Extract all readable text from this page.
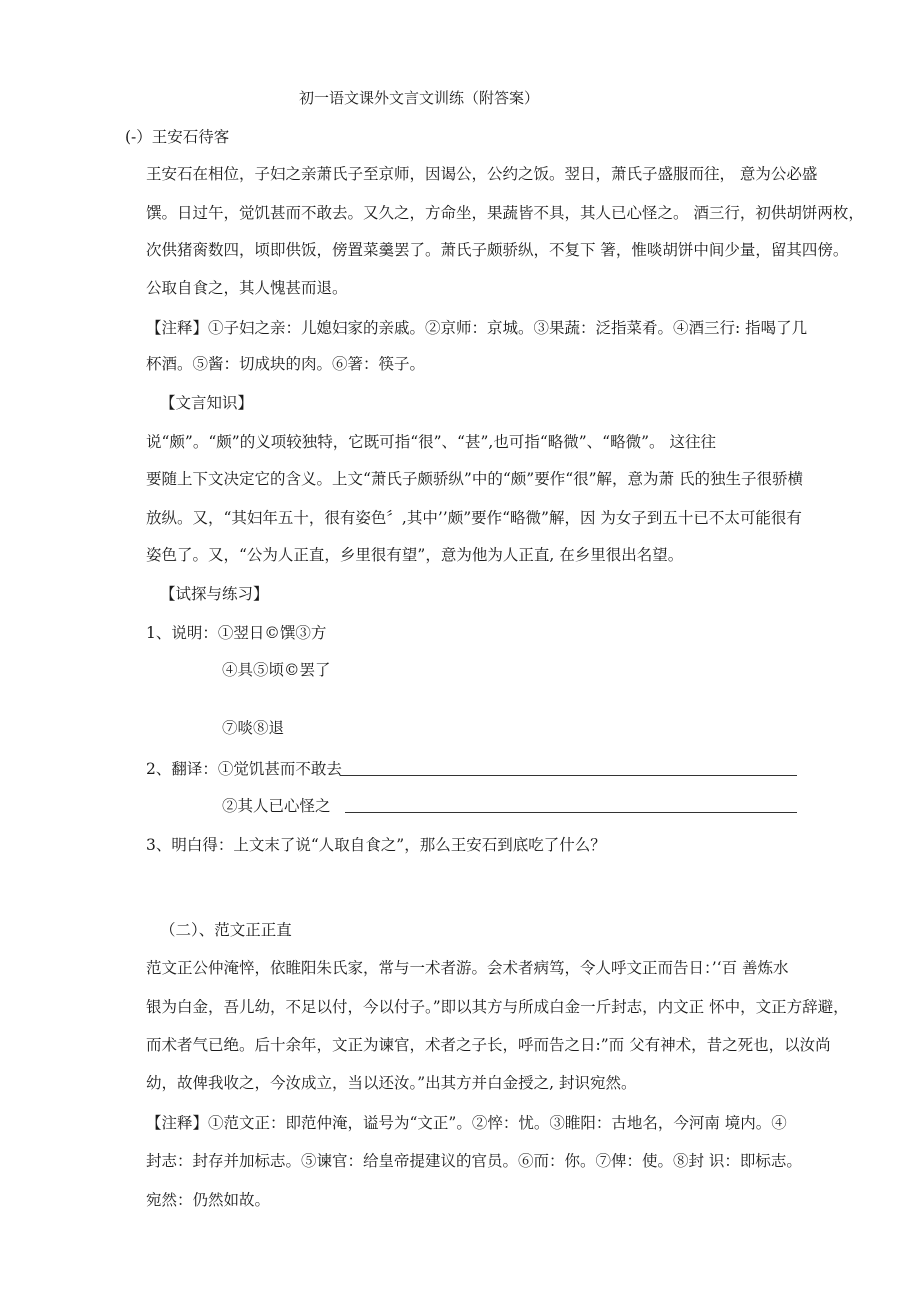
初一语文课外文言文训练（附答案）
(-）王安石待客
王安石在相位，子妇之亲萧氏子至京师，因谒公，公约之饭。翌日，萧氏子盛服而往， 意为公必盛
馔。日过午，觉饥甚而不敢去。又久之，方命坐，果蔬皆不具，其人已心怪之。 酒三行，初供胡饼两枚，
次供猪脔数四，顷即供饭，傍置菜羹罢了。萧氏子颇骄纵，不复下 箸，惟啖胡饼中间少量，留其四傍。
公取自食之，其人愧甚而退。
【注释】①子妇之亲：儿媳妇家的亲戚。②京师：京城。③果蔬：泛指菜肴。④酒三行: 指喝了几
杯酒。⑤酱：切成块的肉。⑥箸：筷子。
【文言知识】
说“颇”。“颇”的义项较独特，它既可指“很”、“甚”,也可指“略微”、“略微”。 这往往
要随上下文决定它的含义。上文“萧氏子颇骄纵”中的“颇”要作“很”解，意为萧 氏的独生子很骄横
放纵。又，“其妇年五十，很有姿色〞,其中’’颇”要作“略微”解，因 为女子到五十已不太可能很有
姿色了。又，“公为人正直，乡里很有望”，意为他为人正直, 在乡里很出名望。
【试探与练习】
1、说明：①翌日©馔③方
④具⑤顷©罢了
⑦啖⑧退
2、翻译：①觉饥甚而不敢去
②其人已心怪之
3、明白得：上文末了说“人取自食之”，那么王安石到底吃了什么？
（二）、范文正正直
范文正公仲淹悴，依睢阳朱氏家，常与一术者游。会术者病笃，令人呼文正而告日：’‘百 善炼水
银为白金，吾儿幼，不足以付，今以付子。”即以其方与所成白金一斤封志，内文正 怀中，文正方辞避，
而术者气已绝。后十余年，文正为谏官，术者之子长，呼而告之日:”而 父有神术，昔之死也，以汝尚
幼，故俾我收之，今汝成立，当以还汝。”出其方并白金授之, 封识宛然。
【注释】①范文正：即范仲淹，谥号为“文正”。②悴：忧。③睢阳：古地名，今河南 境内。④
封志：封存并加标志。⑤谏官：给皇帝提建议的官员。⑥而：你。⑦俾：使。⑧封 识：即标志。
宛然：仍然如故。
